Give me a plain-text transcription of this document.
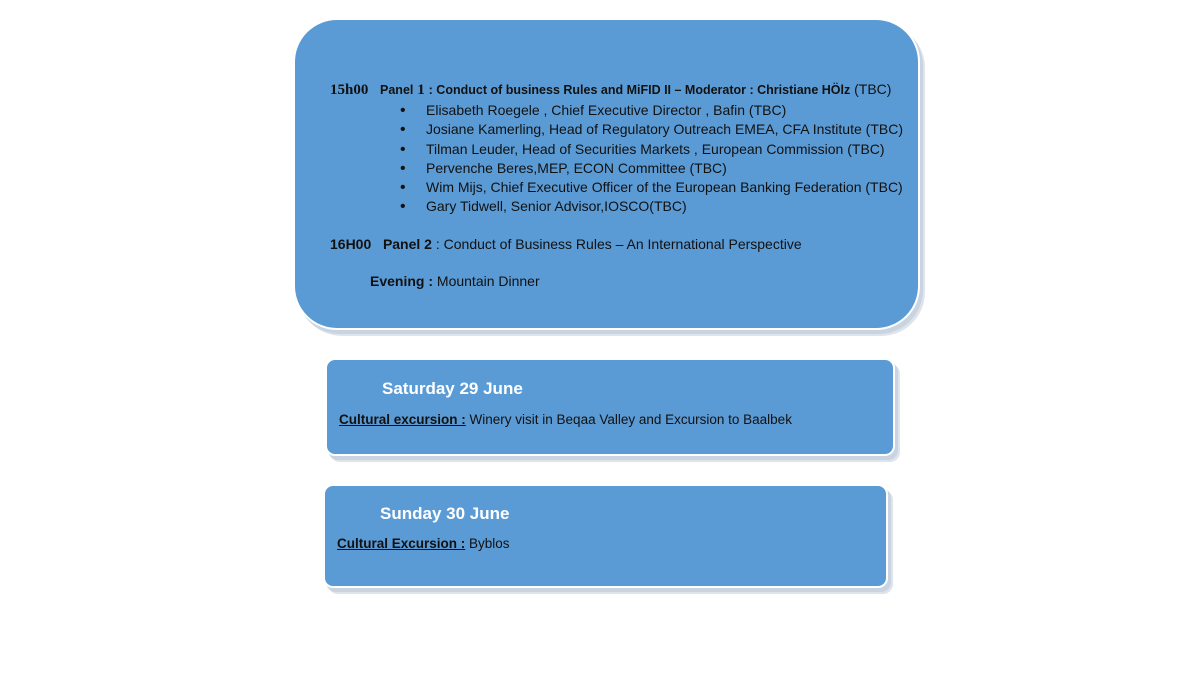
15h00 Panel 1 : Conduct of business Rules and MiFID II – Moderator : Christiane HÖlz (TBC)
• Elisabeth Roegele , Chief Executive Director , Bafin (TBC)
• Josiane Kamerling, Head of Regulatory Outreach EMEA, CFA Institute (TBC)
• Tilman Leuder, Head of Securities Markets , European Commission (TBC)
• Pervenche Beres,MEP, ECON Committee (TBC)
• Wim Mijs, Chief Executive Officer of the European Banking Federation (TBC)
• Gary Tidwell, Senior Advisor,IOSCO(TBC)
16H00 Panel 2 : Conduct of Business Rules – An International Perspective
Evening : Mountain Dinner
Saturday 29 June
Cultural excursion : Winery visit in Beqaa Valley and Excursion to Baalbek
Sunday 30 June
Cultural Excursion : Byblos
